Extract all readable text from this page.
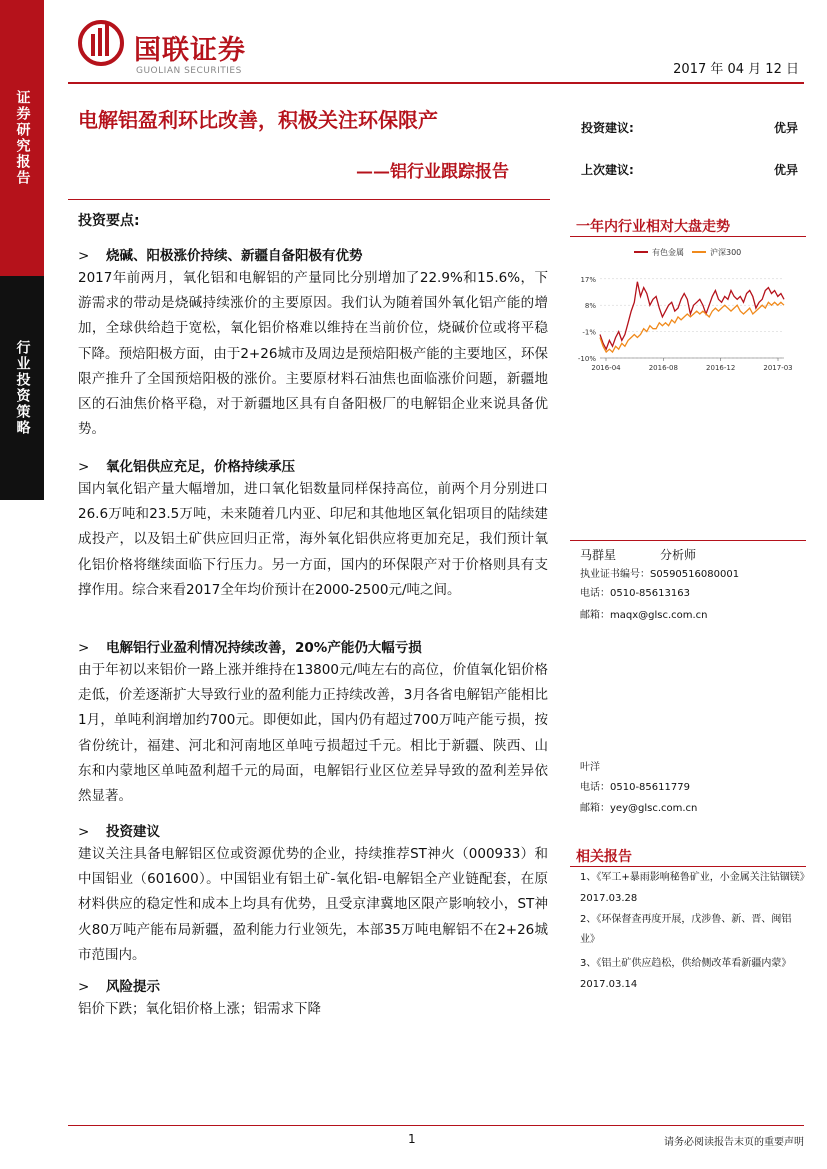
证券研究报告
行业投资策略
国联证券
GUOLIAN SECURITIES	2017 年 04 月 12 日
电解铝盈利环比改善，积极关注环保限产
——铝行业跟踪报告
投资建议:	优异
上次建议:	优异
投资要点:
> 烧碱、阳极涨价持续、新疆自备阳极有优势
2017年前两月，氧化铝和电解铝的产量同比分别增加了22.9%和15.6%，下游需求的带动是烧碱持续涨价的主要原因。我们认为随着国外氧化铝产能的增加，全球供给趋于宽松，氧化铝价格难以维持在当前价位，烧碱价位或将平稳下降。预焙阳极方面，由于2+26城市及周边是预焙阳极产能的主要地区，环保限产推升了全国预焙阳极的涨价。主要原材料石油焦也面临涨价问题，新疆地区的石油焦价格平稳，对于新疆地区具有自备阳极厂的电解铝企业来说具备优势。
> 氧化铝供应充足，价格持续承压
国内氧化铝产量大幅增加，进口氧化铝数量同样保持高位，前两个月分别进口26.6万吨和23.5万吨，未来随着几内亚、印尼和其他地区氧化铝项目的陆续建成投产，以及铝土矿供应回归正常，海外氧化铝供应将更加充足，我们预计氧化铝价格将继续面临下行压力。另一方面，国内的环保限产对于价格则具有支撑作用。综合来看2017全年均价预计在2000-2500元/吨之间。
> 电解铝行业盈利情况持续改善，20%产能仍大幅亏损
由于年初以来铝价一路上涨并维持在13800元/吨左右的高位，价值氧化铝价格走低，价差逐渐扩大导致行业的盈利能力正持续改善，3月各省电解铝产能相比1月，单吨利润增加约700元。即便如此，国内仍有超过700万吨产能亏损，按省份统计，福建、河北和河南地区单吨亏损超过千元。相比于新疆、陕西、山东和内蒙地区单吨盈利超千元的局面，电解铝行业区位差异导致的盈利差异依然显著。
> 投资建议
建议关注具备电解铝区位或资源优势的企业，持续推荐ST神火（000933）和中国铝业（601600）。中国铝业有铝土矿-氧化铝-电解铝全产业链配套，在原材料供应的稳定性和成本上均具有优势，且受京津冀地区限产影响较小，ST神火80万吨产能布局新疆，盈利能力行业领先，本部35万吨电解铝不在2+26城市范围内。
> 风险提示
铝价下跌；氧化铝价格上涨；铝需求下降
一年内行业相对大盘走势
有色金属	沪深300
17%
8%
-1%
-10%
2016-04	2016-08	2016-12	2017-03
马群星	分析师
执业证书编号：S0590516080001
电话：0510-85613163
邮箱：maqx@glsc.com.cn
叶洋
电话：0510-85611779
邮箱：yey@glsc.com.cn
相关报告
1、《军工+暴雨影响秘鲁矿业，小金属关注钴锢镁》
2017.03.28
2、《环保督查再度开展，戊涉鲁、新、晋、闽铝业》
3、《铝土矿供应趋松，供给侧改革看新疆内蒙》
2017.03.14
1	请务必阅读报告末页的重要声明
